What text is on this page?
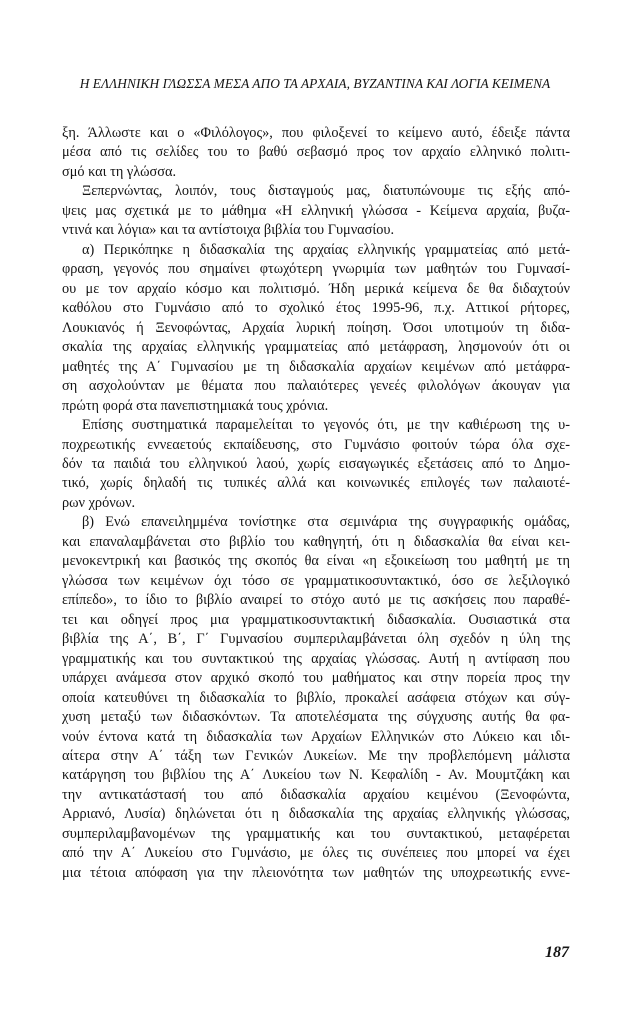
Η ΕΛΛΗΝΙΚΗ ΓΛΩΣΣΑ ΜΕΣΑ ΑΠΟ ΤΑ ΑΡΧΑΙΑ, ΒΥΖΑΝΤΙΝΑ ΚΑΙ ΛΟΓΙΑ ΚΕΙΜΕΝΑ
ξη. Άλλωστε και ο «Φιλόλογος», που φιλοξενεί το κείμενο αυτό, έδειξε πάντα
μέσα από τις σελίδες του το βαθύ σεβασμό προς τον αρχαίο ελληνικό πολιτι-
σμό και τη γλώσσα.
Ξεπερνώντας, λοιπόν, τους δισταγμούς μας, διατυπώνουμε τις εξής από-
ψεις μας σχετικά με το μάθημα «Η ελληνική γλώσσα - Κείμενα αρχαία, βυζα-
ντινά και λόγια» και τα αντίστοιχα βιβλία του Γυμνασίου.
α) Περικόπηκε η διδασκαλία της αρχαίας ελληνικής γραμματείας από μετά-
φραση, γεγονός που σημαίνει φτωχότερη γνωριμία των μαθητών του Γυμνασί-
ου με τον αρχαίο κόσμο και πολιτισμό. Ήδη μερικά κείμενα δε θα διδαχτούν
καθόλου στο Γυμνάσιο από το σχολικό έτος 1995-96, π.χ. Αττικοί ρήτορες,
Λουκιανός ή Ξενοφώντας, Αρχαία λυρική ποίηση. Όσοι υποτιμούν τη διδα-
σκαλία της αρχαίας ελληνικής γραμματείας από μετάφραση, λησμονούν ότι οι
μαθητές της Α΄ Γυμνασίου με τη διδασκαλία αρχαίων κειμένων από μετάφρα-
ση ασχολούνταν με θέματα που παλαιότερες γενεές φιλολόγων άκουγαν για
πρώτη φορά στα πανεπιστημιακά τους χρόνια.
Επίσης συστηματικά παραμελείται το γεγονός ότι, με την καθιέρωση της υ-
ποχρεωτικής εννεαετούς εκπαίδευσης, στο Γυμνάσιο φοιτούν τώρα όλα σχε-
δόν τα παιδιά του ελληνικού λαού, χωρίς εισαγωγικές εξετάσεις από το Δημο-
τικό, χωρίς δηλαδή τις τυπικές αλλά και κοινωνικές επιλογές των παλαιοτέ-
ρων χρόνων.
β) Ενώ επανειλημμένα τονίστηκε στα σεμινάρια της συγγραφικής ομάδας,
και επαναλαμβάνεται στο βιβλίο του καθηγητή, ότι η διδασκαλία θα είναι κει-
μενοκεντρική και βασικός της σκοπός θα είναι «η εξοικείωση του μαθητή με τη
γλώσσα των κειμένων όχι τόσο σε γραμματικοσυντακτικό, όσο σε λεξιλογικό
επίπεδο», το ίδιο το βιβλίο αναιρεί το στόχο αυτό με τις ασκήσεις που παραθέ-
τει και οδηγεί προς μια γραμματικοσυντακτική διδασκαλία. Ουσιαστικά στα
βιβλία της Α΄, Β΄, Γ΄ Γυμνασίου συμπεριλαμβάνεται όλη σχεδόν η ύλη της
γραμματικής και του συντακτικού της αρχαίας γλώσσας. Αυτή η αντίφαση που
υπάρχει ανάμεσα στον αρχικό σκοπό του μαθήματος και στην πορεία προς την
οποία κατευθύνει τη διδασκαλία το βιβλίο, προκαλεί ασάφεια στόχων και σύγ-
χυση μεταξύ των διδασκόντων. Τα αποτελέσματα της σύγχυσης αυτής θα φα-
νούν έντονα κατά τη διδασκαλία των Αρχαίων Ελληνικών στο Λύκειο και ιδι-
αίτερα στην Α΄ τάξη των Γενικών Λυκείων. Με την προβλεπόμενη μάλιστα
κατάργηση του βιβλίου της Α΄ Λυκείου των Ν. Κεφαλίδη - Αν. Μουμτζάκη και
την αντικατάστασή του από διδασκαλία αρχαίου κειμένου (Ξενοφώντα,
Αρριανό, Λυσία) δηλώνεται ότι η διδασκαλία της αρχαίας ελληνικής γλώσσας,
συμπεριλαμβανομένων της γραμματικής και του συντακτικού, μεταφέρεται
από την Α΄ Λυκείου στο Γυμνάσιο, με όλες τις συνέπειες που μπορεί να έχει
μια τέτοια απόφαση για την πλειονότητα των μαθητών της υποχρεωτικής εννε-
187
